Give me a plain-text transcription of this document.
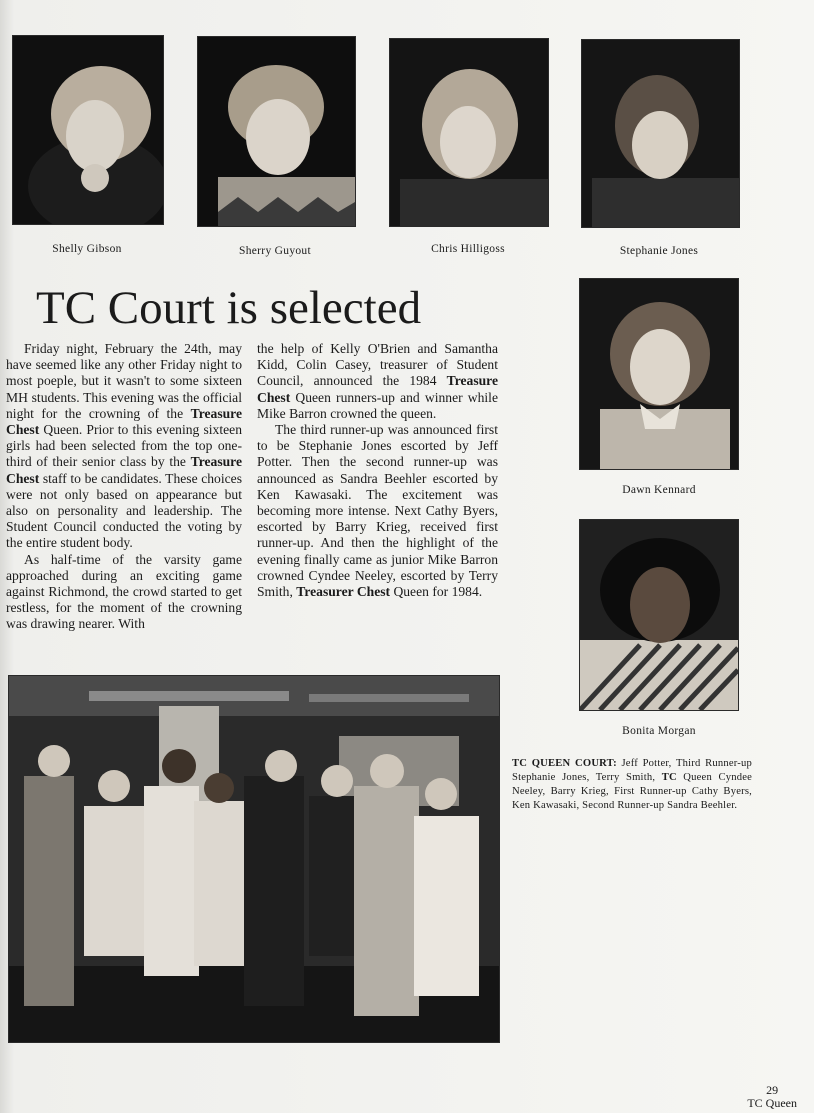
Shelly Gibson	Sherry Guyout	Chris Hilligoss	Stephanie Jones
TC Court is selected

Friday night, February the 24th, may have seemed like any other Friday night to most poeple, but it wasn't to some sixteen MH students. This evening was the official night for the crowning of the Treasure Chest Queen. Prior to this evening sixteen girls had been selected from the top one-third of their senior class by the Treasure Chest staff to be candidates. These choices were not only based on appearance but also on personality and leadership. The Student Council conducted the voting by the entire student body.

As half-time of the varsity game approached during an exciting game against Richmond, the crowd started to get restless, for the moment of the crowning was drawing nearer. With

the help of Kelly O'Brien and Samantha Kidd, Colin Casey, treasurer of Student Council, announced the 1984 Treasure Chest Queen runners-up and winner while Mike Barron crowned the queen.

The third runner-up was announced first to be Stephanie Jones escorted by Jeff Potter. Then the second runner-up was announced as Sandra Beehler escorted by Ken Kawasaki. The excitement was becoming more intense. Next Cathy Byers, escorted by Barry Krieg, received first runner-up. And then the highlight of the evening finally came as junior Mike Barron crowned Cyndee Neeley, escorted by Terry Smith, Treasurer Chest Queen for 1984.

Dawn Kennard
Bonita Morgan
TC QUEEN COURT: Jeff Potter, Third Runner-up Stephanie Jones, Terry Smith, TC Queen Cyndee Neeley, Barry Krieg, First Runner-up Cathy Byers, Ken Kawasaki, Second Runner-up Sandra Beehler.
29
TC Queen
